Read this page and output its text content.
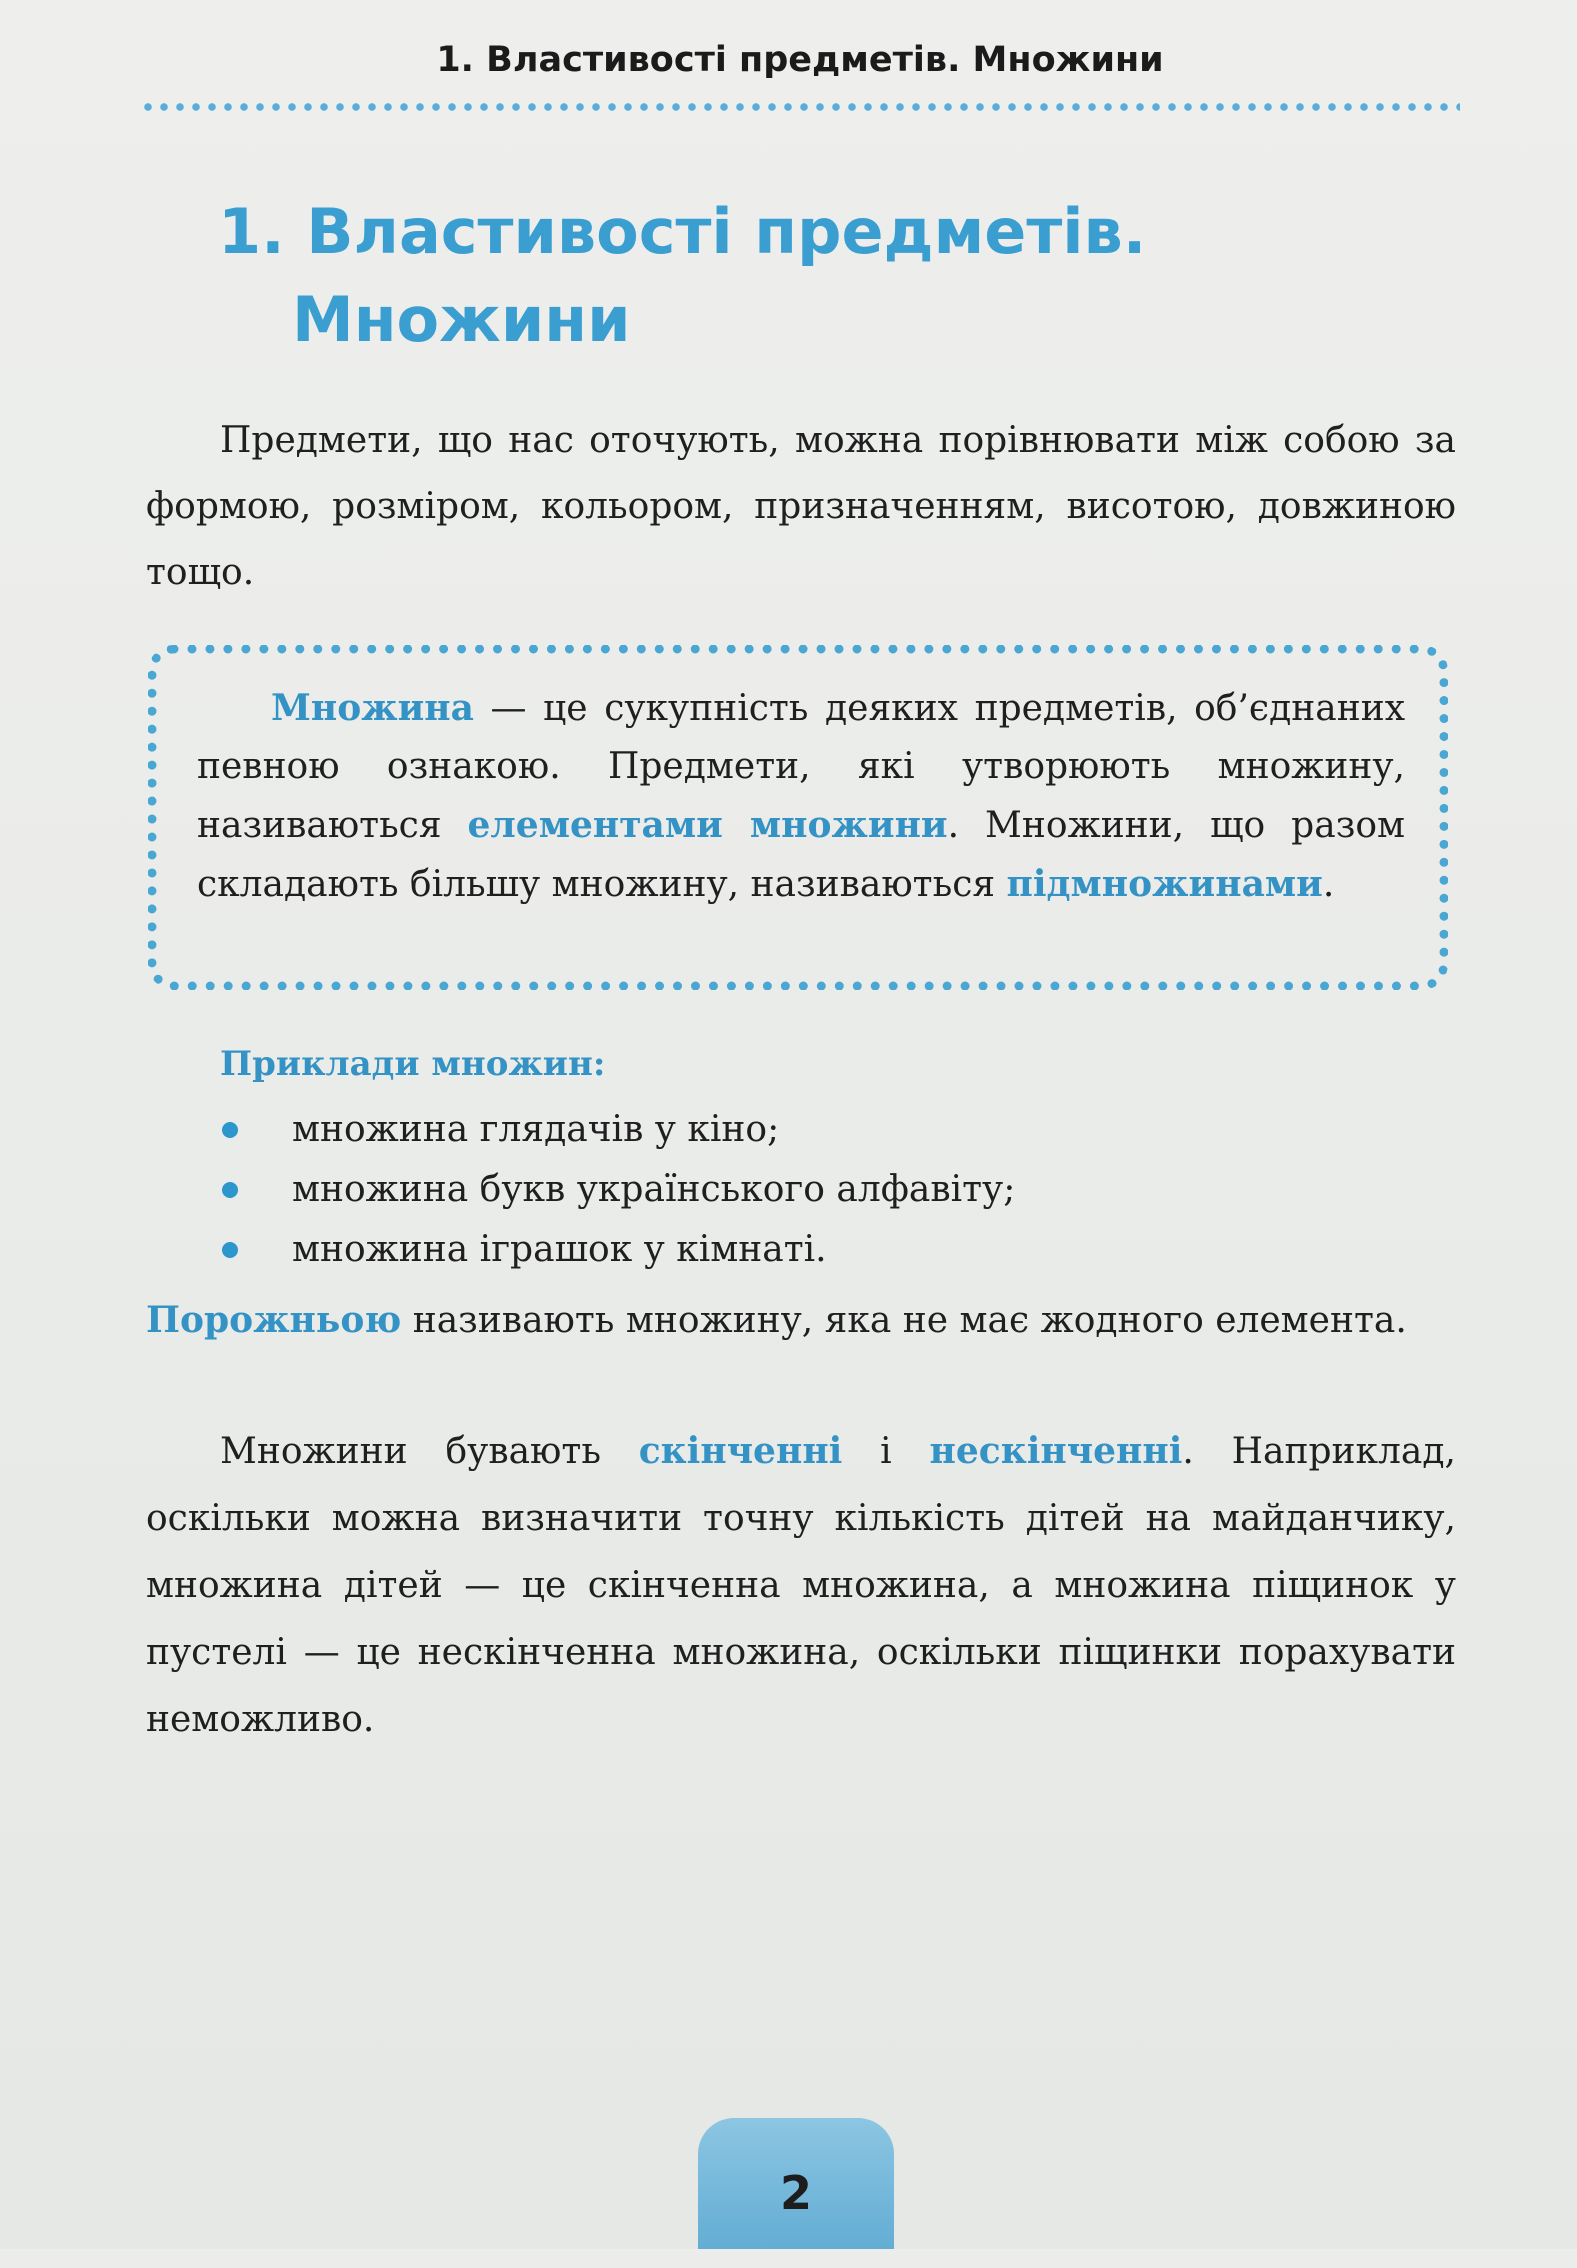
1. Властивості предметів. Множини
1. Властивості предметів.
Множини

Предмети, що нас оточують, можна порівнювати між собою за формою, розміром, кольором, призначенням, висотою, довжиною тощо.

Множина — це сукупність деяких предметів, об’єднаних певною ознакою. Предмети, які утворюють множину, називаються елементами множини. Множини, що разом складають більшу множину, називаються підмножинами.

Приклади множин:
множина глядачів у кіно;
множина букв українського алфавіту;
множина іграшок у кімнаті.

Порожньою називають множину, яка не має жодного елемента.

Множини бувають скінченні і нескінченні. Наприклад, оскільки можна визначити точну кількість дітей на майданчику, множина дітей — це скінченна множина, а множина піщинок у пустелі — це нескінченна множина, оскільки піщинки порахувати неможливо.

2
